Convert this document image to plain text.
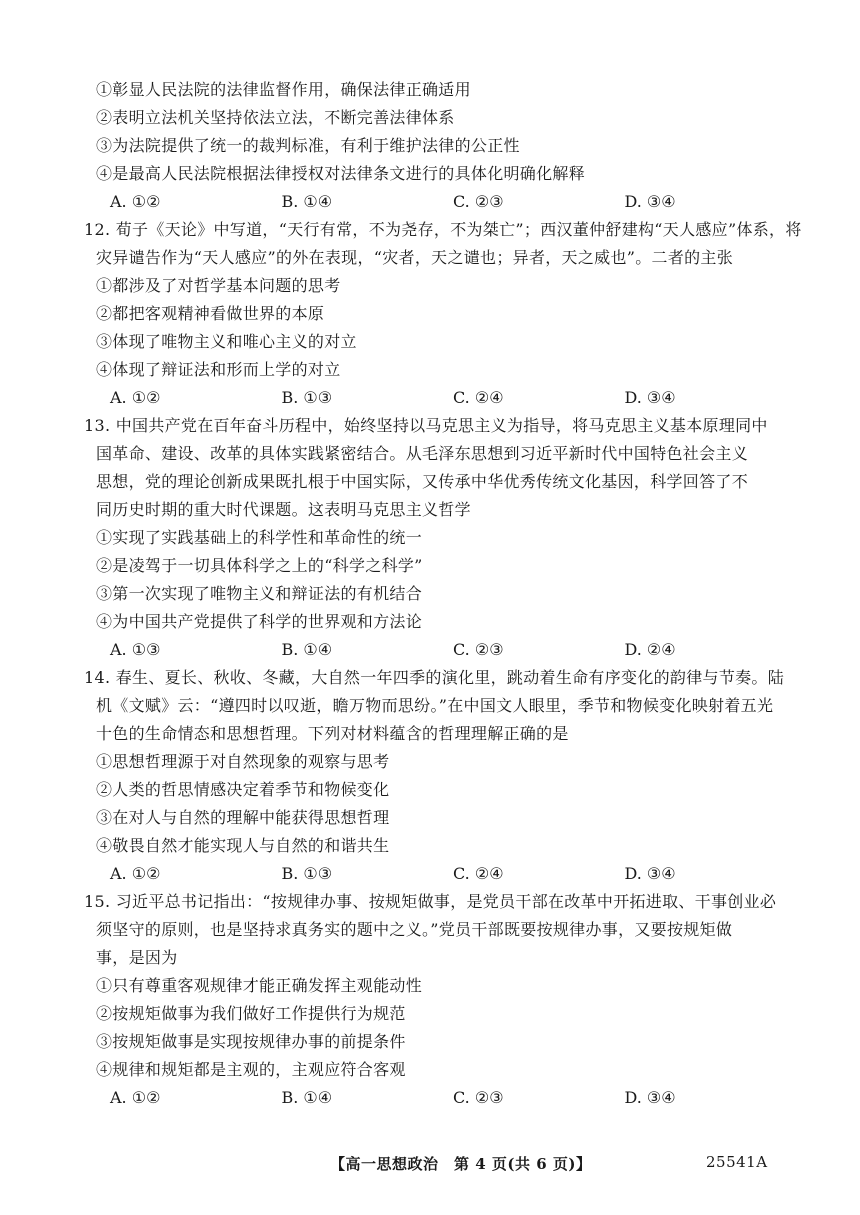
①彰显人民法院的法律监督作用，确保法律正确适用
②表明立法机关坚持依法立法，不断完善法律体系
③为法院提供了统一的裁判标准，有利于维护法律的公正性
④是最高人民法院根据法律授权对法律条文进行的具体化明确化解释
A. ①②	B. ①④	C. ②③	D. ③④
12. 荀子《天论》中写道，“天行有常，不为尧存，不为桀亡”；西汉董仲舒建构“天人感应”体系，将
灾异谴告作为“天人感应”的外在表现，“灾者，天之谴也；异者，天之威也”。二者的主张
①都涉及了对哲学基本问题的思考
②都把客观精神看做世界的本原
③体现了唯物主义和唯心主义的对立
④体现了辩证法和形而上学的对立
A. ①②	B. ①③	C. ②④	D. ③④
13. 中国共产党在百年奋斗历程中，始终坚持以马克思主义为指导，将马克思主义基本原理同中
国革命、建设、改革的具体实践紧密结合。从毛泽东思想到习近平新时代中国特色社会主义
思想，党的理论创新成果既扎根于中国实际，又传承中华优秀传统文化基因，科学回答了不
同历史时期的重大时代课题。这表明马克思主义哲学
①实现了实践基础上的科学性和革命性的统一
②是凌驾于一切具体科学之上的“科学之科学”
③第一次实现了唯物主义和辩证法的有机结合
④为中国共产党提供了科学的世界观和方法论
A. ①③	B. ①④	C. ②③	D. ②④
14. 春生、夏长、秋收、冬藏，大自然一年四季的演化里，跳动着生命有序变化的韵律与节奏。陆
机《文赋》云：“遵四时以叹逝，瞻万物而思纷。”在中国文人眼里，季节和物候变化映射着五光
十色的生命情态和思想哲理。下列对材料蕴含的哲理理解正确的是
①思想哲理源于对自然现象的观察与思考
②人类的哲思情感决定着季节和物候变化
③在对人与自然的理解中能获得思想哲理
④敬畏自然才能实现人与自然的和谐共生
A. ①②	B. ①③	C. ②④	D. ③④
15. 习近平总书记指出：“按规律办事、按规矩做事，是党员干部在改革中开拓进取、干事创业必
须坚守的原则，也是坚持求真务实的题中之义。”党员干部既要按规律办事，又要按规矩做
事，是因为
①只有尊重客观规律才能正确发挥主观能动性
②按规矩做事为我们做好工作提供行为规范
③按规矩做事是实现按规律办事的前提条件
④规律和规矩都是主观的，主观应符合客观
A. ①②	B. ①④	C. ②③	D. ③④
【高一思想政治　第 4 页(共 6 页)】	25541A
